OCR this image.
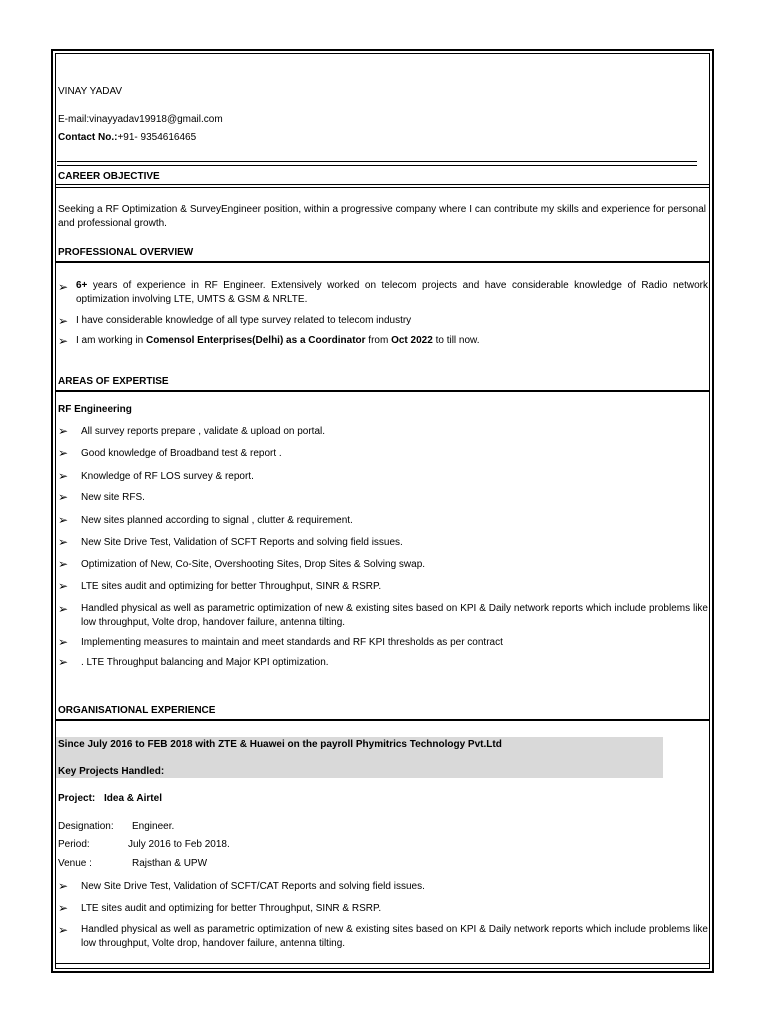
VINAY YADAV
E-mail:vinayyadav19918@gmail.com
Contact No.:+91- 9354616465
CAREER OBJECTIVE
Seeking a RF Optimization & SurveyEngineer position, within a progressive company where I can contribute my skills and experience for personal and professional growth.
PROFESSIONAL OVERVIEW
➢ 6+ years of experience in RF Engineer. Extensively worked on telecom projects and have considerable knowledge of Radio network optimization involving LTE, UMTS & GSM & NRLTE.
➢ I have considerable knowledge of all type survey related to telecom industry
➢ I am working in Comensol Enterprises(Delhi) as a Coordinator from Oct 2022 to till now.
AREAS OF EXPERTISE
RF Engineering
➢ All survey reports prepare , validate & upload on portal.
➢ Good knowledge of Broadband test & report .
➢ Knowledge of RF LOS survey & report.
➢ New site RFS.
➢ New sites planned according to signal , clutter & requirement.
➢ New Site Drive Test, Validation of SCFT Reports and solving field issues.
➢ Optimization of New, Co-Site, Overshooting Sites, Drop Sites & Solving swap.
➢ LTE sites audit and optimizing for better Throughput, SINR & RSRP.
➢ Handled physical as well as parametric optimization of new & existing sites based on KPI & Daily network reports which include problems like low throughput, Volte drop, handover failure, antenna tilting.
➢ Implementing measures to maintain and meet standards and RF KPI thresholds as per contract
➢ . LTE Throughput balancing and Major KPI optimization.
ORGANISATIONAL EXPERIENCE
Since July 2016 to FEB 2018 with ZTE & Huawei on the payroll Phymitrics Technology Pvt.Ltd
Key Projects Handled:
Project: Idea & Airtel
Designation: Engineer.
Period:	July 2016 to Feb 2018.
Venue :	Rajsthan & UPW
➢ New Site Drive Test, Validation of SCFT/CAT Reports and solving field issues.
➢ LTE sites audit and optimizing for better Throughput, SINR & RSRP.
➢ Handled physical as well as parametric optimization of new & existing sites based on KPI & Daily network reports which include problems like low throughput, Volte drop, handover failure, antenna tilting.
